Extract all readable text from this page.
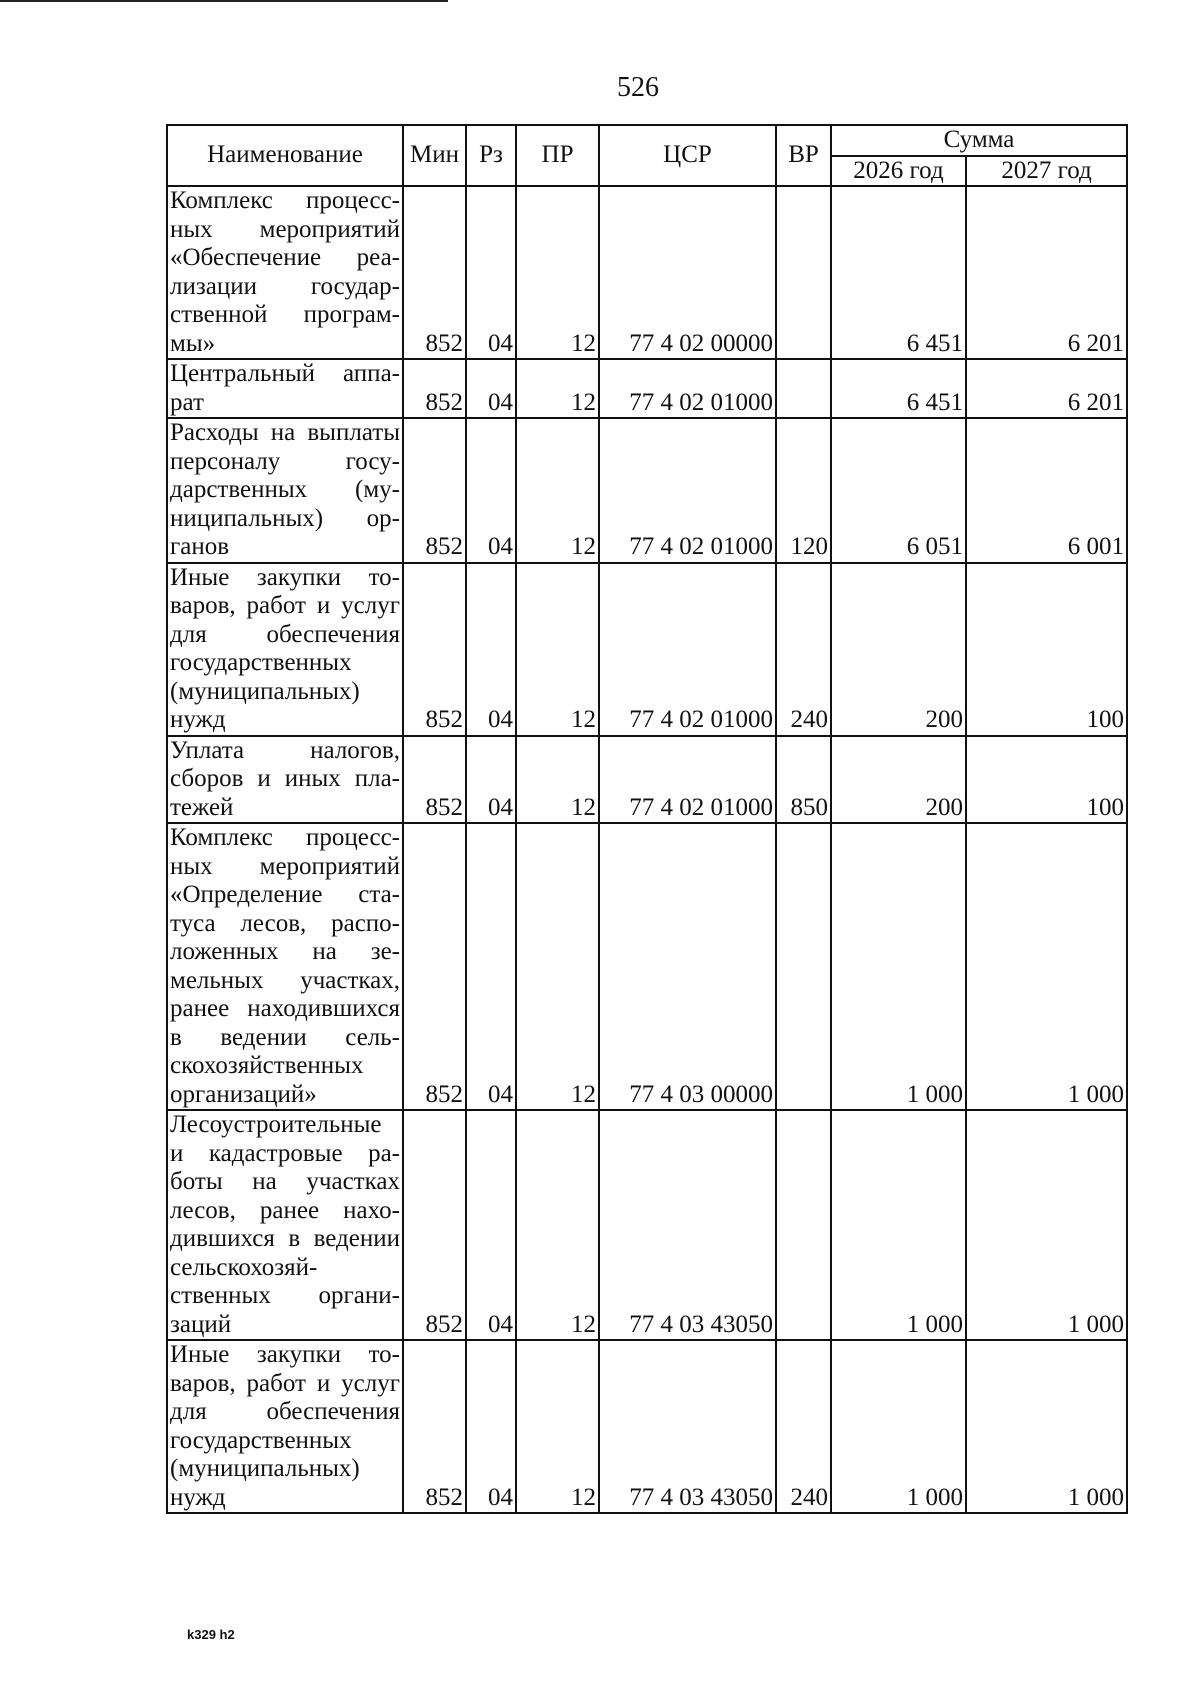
526
Наименование	Мин	Рз	ПР	ЦСР	ВР	Сумма	
						2026 год	2027 год
Комплекс процессных мероприятий «Обеспечение реализации государственной программы»	852	04	12	77 4 02 00000		6 451	6 201
Центральный аппарат	852	04	12	77 4 02 01000		6 451	6 201
Расходы на выплаты персоналу государственных (муниципальных) органов	852	04	12	77 4 02 01000	120	6 051	6 001
Иные закупки товаров, работ и услуг для обеспечения государственных (муниципальных) нужд	852	04	12	77 4 02 01000	240	200	100
Уплата налогов, сборов и иных платежей	852	04	12	77 4 02 01000	850	200	100
Комплекс процессных мероприятий «Определение статуса лесов, расположенных на земельных участках, ранее находившихся в ведении сельскохозяйственных организаций»	852	04	12	77 4 03 00000		1 000	1 000
Лесоустроительные и кадастровые работы на участках лесов, ранее находившихся в ведении сельскохозяйственных организаций	852	04	12	77 4 03 43050		1 000	1 000
Иные закупки товаров, работ и услуг для обеспечения государственных (муниципальных) нужд	852	04	12	77 4 03 43050	240	1 000	1 000
k329 h2
